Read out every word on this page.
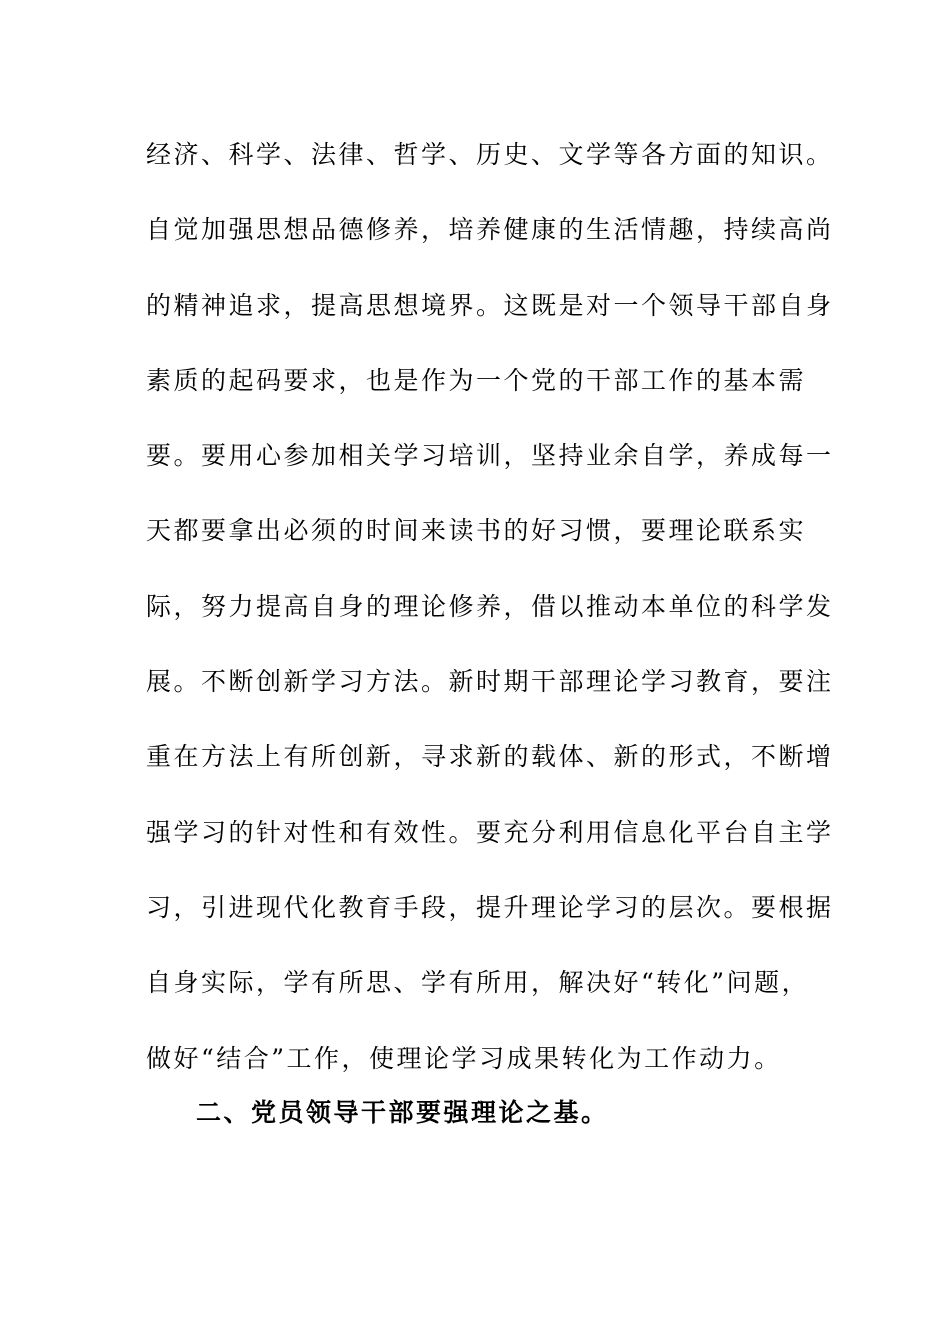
经济、科学、法律、哲学、历史、文学等各方面的知识。
自觉加强思想品德修养，培养健康的生活情趣，持续高尚
的精神追求，提高思想境界。这既是对一个领导干部自身
素质的起码要求，也是作为一个党的干部工作的基本需
要。要用心参加相关学习培训，坚持业余自学，养成每一
天都要拿出必须的时间来读书的好习惯，要理论联系实
际，努力提高自身的理论修养，借以推动本单位的科学发
展。不断创新学习方法。新时期干部理论学习教育，要注
重在方法上有所创新，寻求新的载体、新的形式，不断增
强学习的针对性和有效性。要充分利用信息化平台自主学
习，引进现代化教育手段，提升理论学习的层次。要根据
自身实际，学有所思、学有所用，解决好“转化”问题，
做好“结合”工作，使理论学习成果转化为工作动力。
二、党员领导干部要强理论之基。
